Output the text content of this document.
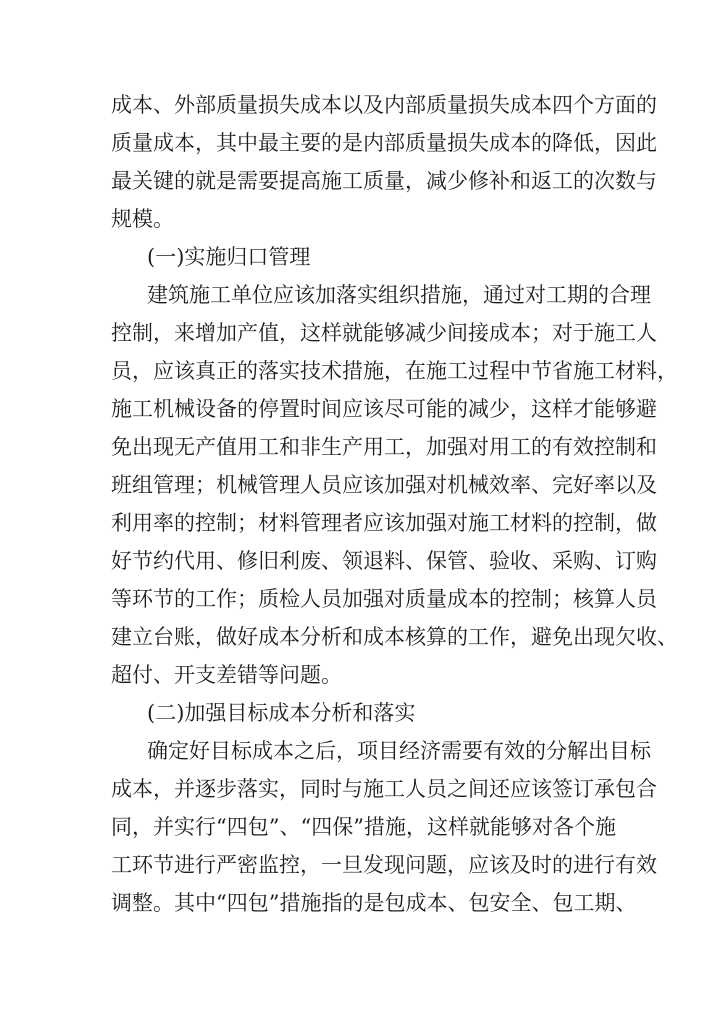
成本、外部质量损失成本以及内部质量损失成本四个方面的
质量成本，其中最主要的是内部质量损失成本的降低，因此
最关键的就是需要提高施工质量，减少修补和返工的次数与
规模。
(一)实施归口管理
建筑施工单位应该加落实组织措施，通过对工期的合理
控制，来增加产值，这样就能够减少间接成本；对于施工人
员，应该真正的落实技术措施，在施工过程中节省施工材料，
施工机械设备的停置时间应该尽可能的减少，这样才能够避
免出现无产值用工和非生产用工，加强对用工的有效控制和
班组管理；机械管理人员应该加强对机械效率、完好率以及
利用率的控制；材料管理者应该加强对施工材料的控制，做
好节约代用、修旧利废、领退料、保管、验收、采购、订购
等环节的工作；质检人员加强对质量成本的控制；核算人员
建立台账，做好成本分析和成本核算的工作，避免出现欠收、
超付、开支差错等问题。
(二)加强目标成本分析和落实
确定好目标成本之后，项目经济需要有效的分解出目标
成本，并逐步落实，同时与施工人员之间还应该签订承包合
同，并实行“四包”、“四保”措施，这样就能够对各个施
工环节进行严密监控，一旦发现问题，应该及时的进行有效
调整。其中“四包”措施指的是包成本、包安全、包工期、
